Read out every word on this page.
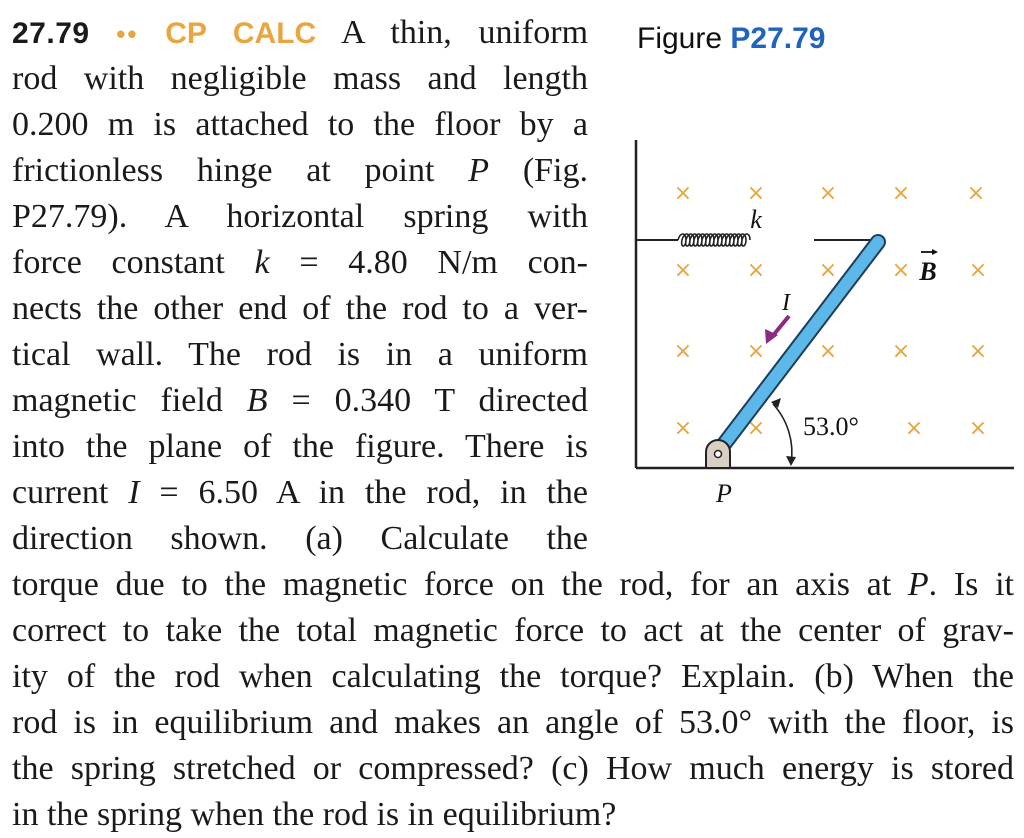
27.79 •• CP CALC A thin, uniform
rod with negligible mass and length
0.200 m is attached to the floor by a
frictionless hinge at point P (Fig.
P27.79). A horizontal spring with
force constant k = 4.80 N/m con-
nects the other end of the rod to a ver-
tical wall. The rod is in a uniform
magnetic field B = 0.340 T directed
into the plane of the figure. There is
current I = 6.50 A in the rod, in the
direction shown. (a) Calculate the
torque due to the magnetic force on the rod, for an axis at P. Is it
correct to take the total magnetic force to act at the center of grav-
ity of the rod when calculating the torque? Explain. (b) When the
rod is in equilibrium and makes an angle of 53.0° with the floor, is
the spring stretched or compressed? (c) How much energy is stored
in the spring when the rod is in equilibrium?
Figure P27.79
× × × ×	×
× × × ×	×
× × × ×	×
× ×	× ×
k
P
I
53.0°
B
